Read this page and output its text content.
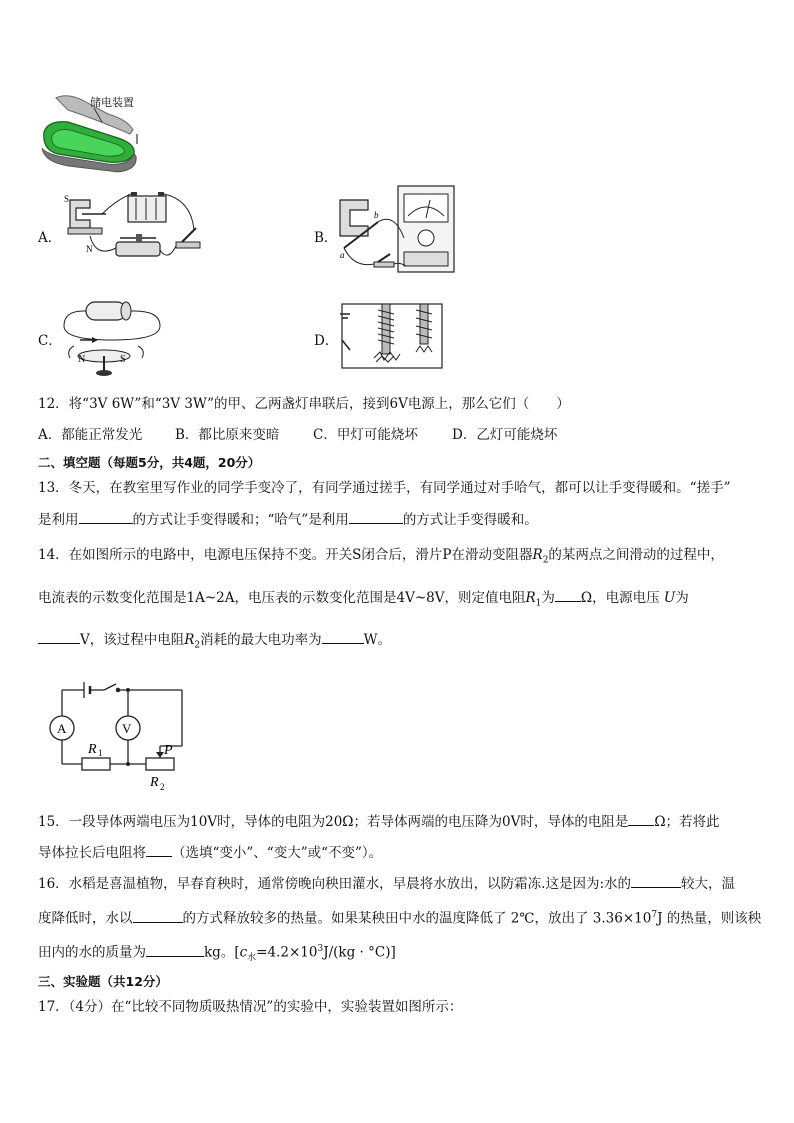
储电装置
A．
S
N
B．
a
b
C．
N	S
D．
12．将“3V 6W”和“3V 3W”的甲、乙两盏灯串联后，接到6V电源上，那么它们（　　）
A．都能正常发光 B．都比原来变暗 C．甲灯可能烧坏	D．乙灯可能烧坏
二、填空题（每题5分，共4题，20分）
13．冬天，在教室里写作业的同学手变冷了，有同学通过搓手，有同学通过对手哈气，都可以让手变得暖和。“搓手”
是利用	的方式让手变得暖和；“哈气”是利用	的方式让手变得暖和。
14．在如图所示的电路中，电源电压保持不变。开关S闭合后，滑片P在滑动变阻器$R_2$的某两点之间滑动的过程中，
电流表的示数变化范围是1A~2A，电压表的示数变化范围是4V~8V，则定值电阻$R_1$为 Ω，电源电压 U为
V，该过程中电阻$R_2$消耗的最大电功率为	W。
A	V
R 1	P
R 2
15．一段导体两端电压为10V时，导体的电阻为20Ω；若导体两端的电压降为0V时，导体的电阻是 Ω；若将此
导体拉长后电阻将 （选填“变小”、“变大”或“不变”）。
16．水稻是喜温植物，早春育秧时，通常傍晚向秧田灌水，早晨将水放出，以防霜冻.这是因为:水的	较大，温
度降低时，水以	的方式释放较多的热量。如果某秧田中水的温度降低了 2℃，放出了 $3.36\times 10^7J$ 的热量，则该秧
田内的水的质量为	kg。$[c_水=4.2\times 10^3J/(kg \cdot ^\circ C)]$
三、实验题（共12分）
17．（4分）在“比较不同物质吸热情况”的实验中，实验装置如图所示：
